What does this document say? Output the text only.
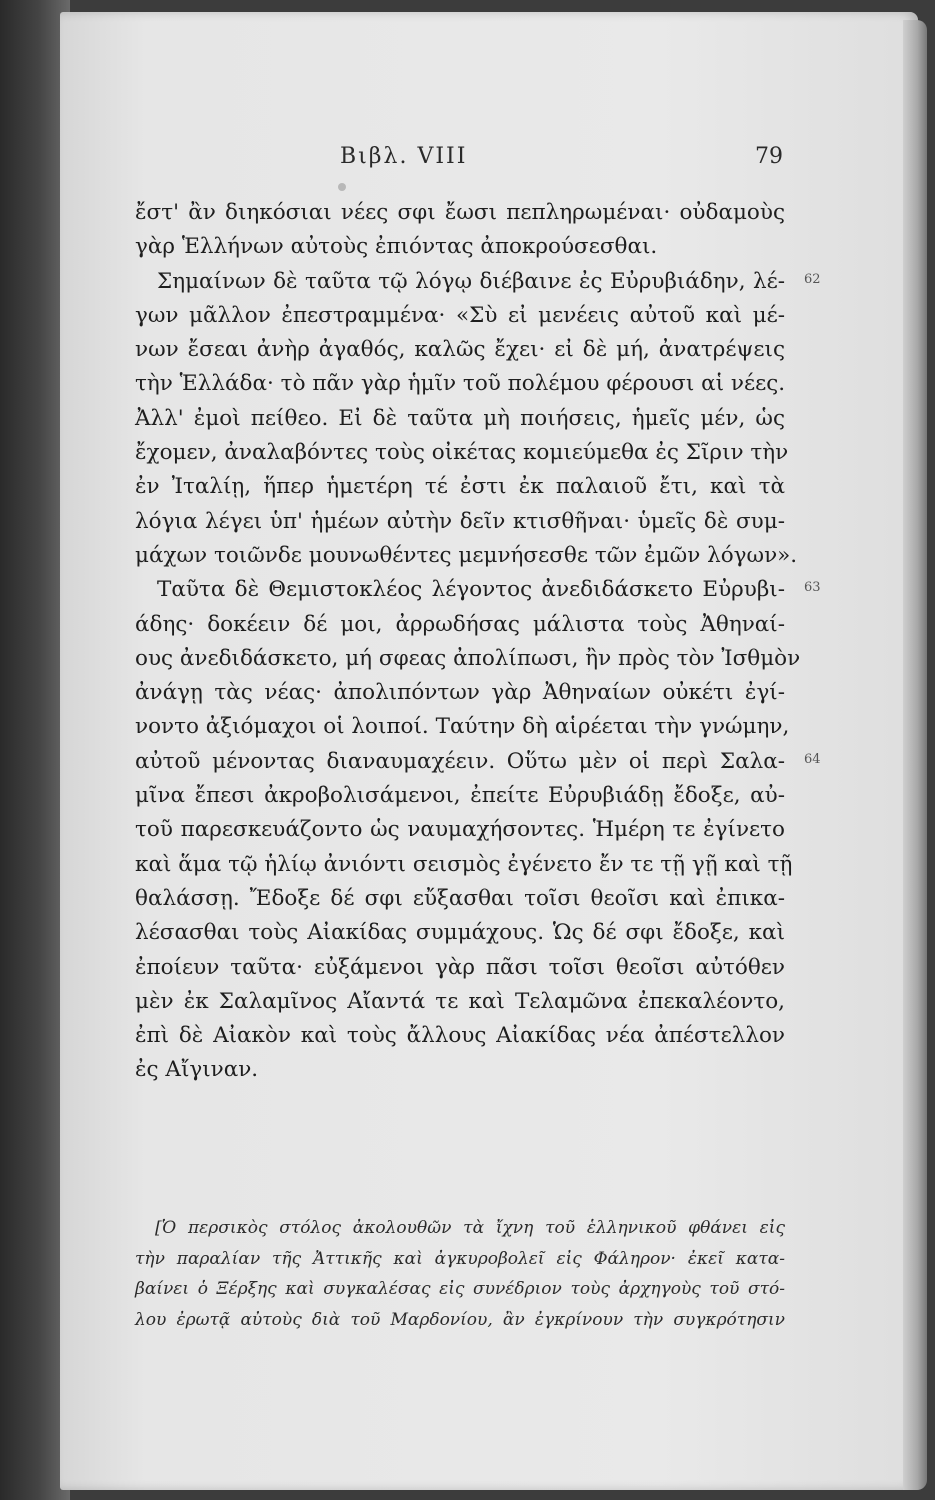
Βιβλ. VIII	79
ἔστ' ἂν διηκόσιαι νέες σφι ἔωσι πεπληρωμέναι· οὐδαμοὺς
γὰρ Ἑλλήνων αὐτοὺς ἐπιόντας ἀποκρούσεσθαι.
Σημαίνων δὲ ταῦτα τῷ λόγῳ διέβαινε ἐς Εὐρυβιάδην, λέ- 62
γων μᾶλλον ἐπεστραμμένα· «Σὺ εἰ μενέεις αὐτοῦ καὶ μέ-
νων ἔσεαι ἀνὴρ ἀγαθός, καλῶς ἔχει· εἰ δὲ μή, ἀνατρέψεις
τὴν Ἑλλάδα· τὸ πᾶν γὰρ ἡμῖν τοῦ πολέμου φέρουσι αἱ νέες.
Ἀλλ' ἐμοὶ πείθεο. Εἰ δὲ ταῦτα μὴ ποιήσεις, ἡμεῖς μέν, ὡς
ἔχομεν, ἀναλαβόντες τοὺς οἰκέτας κομιεύμεθα ἐς Σῖριν τὴν
ἐν Ἰταλίῃ, ἥπερ ἡμετέρη τέ ἐστι ἐκ παλαιοῦ ἔτι, καὶ τὰ
λόγια λέγει ὑπ' ἡμέων αὐτὴν δεῖν κτισθῆναι· ὑμεῖς δὲ συμ-
μάχων τοιῶνδε μουνωθέντες μεμνήσεσθε τῶν ἐμῶν λόγων».
Ταῦτα δὲ Θεμιστοκλέος λέγοντος ἀνεδιδάσκετο Εὐρυβι- 63
άδης· δοκέειν δέ μοι, ἀρρωδήσας μάλιστα τοὺς Ἀθηναί-
ους ἀνεδιδάσκετο, μή σφεας ἀπολίπωσι, ἢν πρὸς τὸν Ἰσθμὸν
ἀνάγῃ τὰς νέας· ἀπολιπόντων γὰρ Ἀθηναίων οὐκέτι ἐγί-
νοντο ἀξιόμαχοι οἱ λοιποί. Ταύτην δὴ αἱρέεται τὴν γνώμην,
αὐτοῦ μένοντας διαναυμαχέειν. Οὕτω μὲν οἱ περὶ Σαλα- 64
μῖνα ἔπεσι ἀκροβολισάμενοι, ἐπείτε Εὐρυβιάδῃ ἔδοξε, αὐ-
τοῦ παρεσκευάζοντο ὡς ναυμαχήσοντες. Ἡμέρη τε ἐγίνετο
καὶ ἅμα τῷ ἡλίῳ ἀνιόντι σεισμὸς ἐγένετο ἔν τε τῇ γῇ καὶ τῇ
θαλάσσῃ. Ἔδοξε δέ σφι εὔξασθαι τοῖσι θεοῖσι καὶ ἐπικα-
λέσασθαι τοὺς Αἰακίδας συμμάχους. Ὡς δέ σφι ἔδοξε, καὶ
ἐποίευν ταῦτα· εὐξάμενοι γὰρ πᾶσι τοῖσι θεοῖσι αὐτόθεν
μὲν ἐκ Σαλαμῖνος Αἴαντά τε καὶ Τελαμῶνα ἐπεκαλέοντο,
ἐπὶ δὲ Αἰακὸν καὶ τοὺς ἄλλους Αἰακίδας νέα ἀπέστελλον
ἐς Αἴγιναν.
[Ὁ περσικὸς στόλος ἀκολουθῶν τὰ ἴχνη τοῦ ἑλληνικοῦ φθάνει εἰς
τὴν παραλίαν τῆς Ἀττικῆς καὶ ἀγκυροβολεῖ εἰς Φάληρον· ἐκεῖ κατα-
βαίνει ὁ Ξέρξης καὶ συγκαλέσας εἰς συνέδριον τοὺς ἀρχηγοὺς τοῦ στό-
λου ἐρωτᾷ αὐτοὺς διὰ τοῦ Μαρδονίου, ἂν ἐγκρίνουν τὴν συγκρότησιν
